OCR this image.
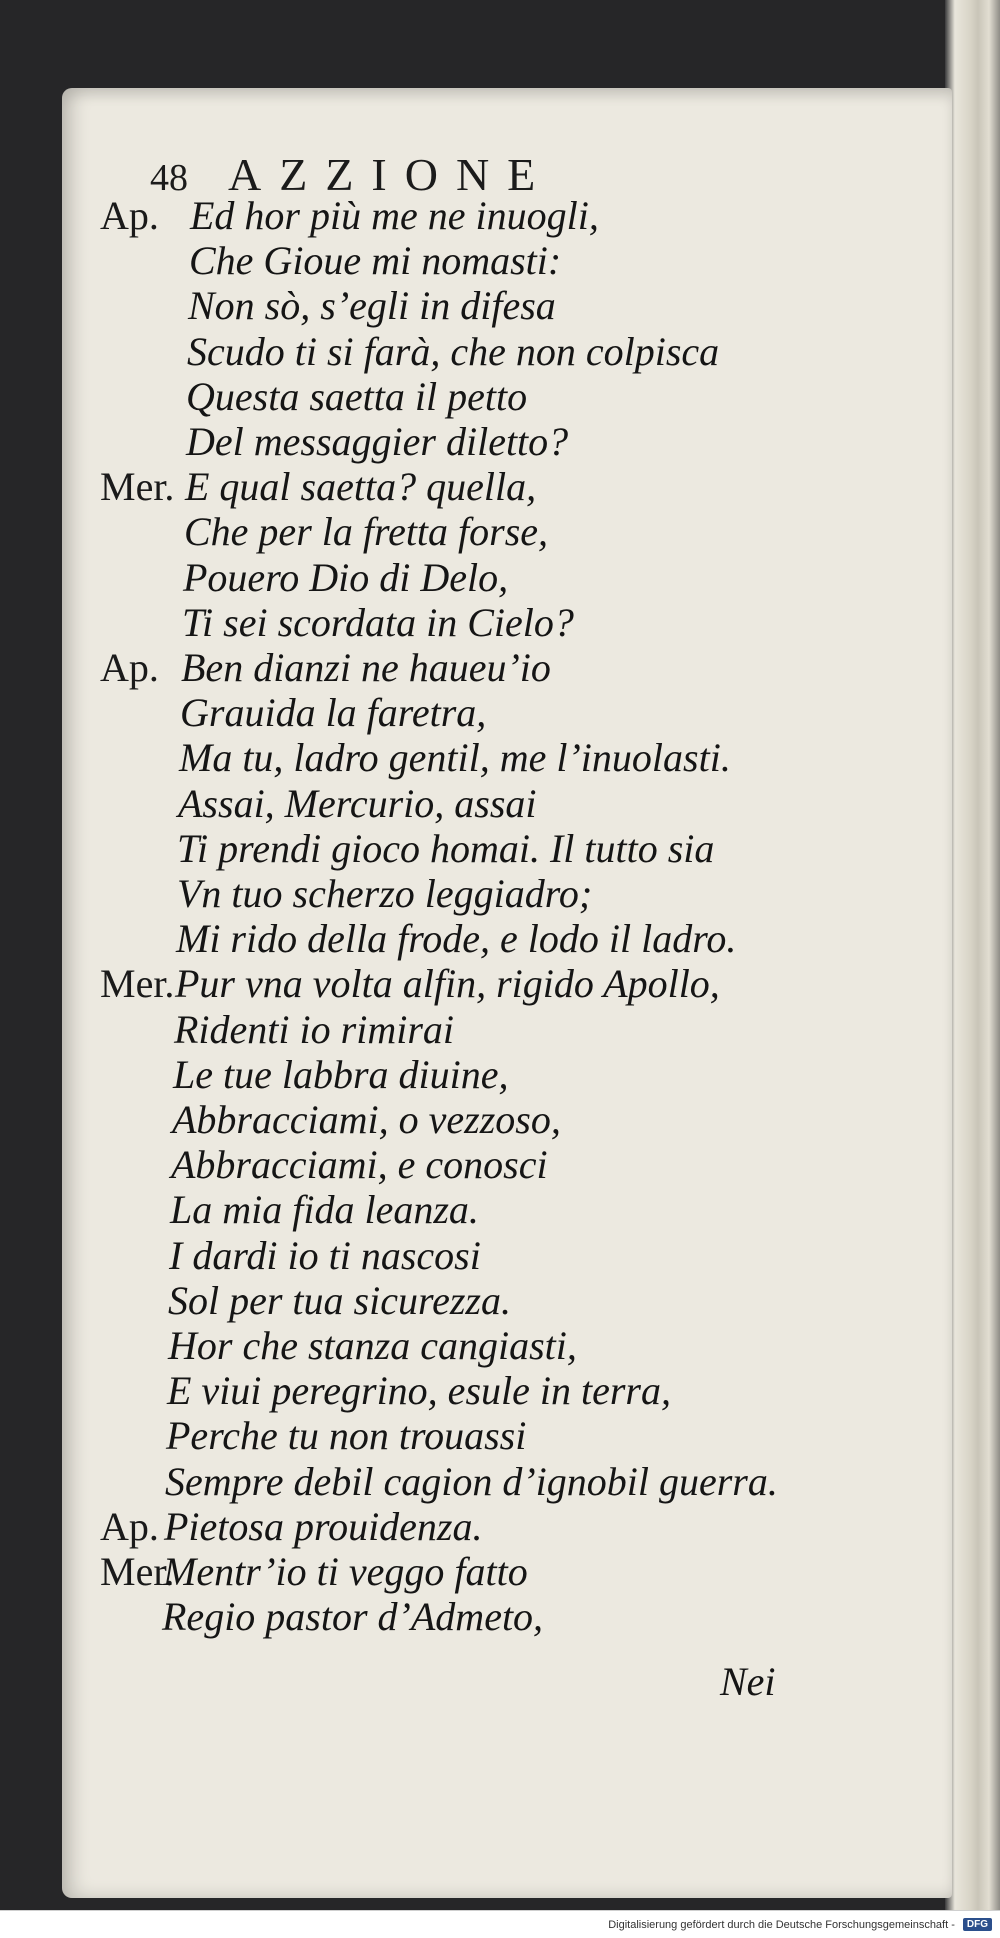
48 AZZIONE
Ap. Ed hor più me ne inuogli,
Che Gioue mi nomasti:
Non sò, s’egli in difesa
Scudo ti si farà, che non colpisca
Questa saetta il petto
Del messaggier diletto?
Mer. E qual saetta? quella,
Che per la fretta forse,
Pouero Dio di Delo,
Ti sei scordata in Cielo?
Ap. Ben dianzi ne haueu’io
Grauida la faretra,
Ma tu, ladro gentil, me l’inuolasti.
Assai, Mercurio, assai
Ti prendi gioco homai. Il tutto sia
Vn tuo scherzo leggiadro;
Mi rido della frode, e lodo il ladro.
Mer. Pur vna volta alfin, rigido Apollo,
Ridenti io rimirai
Le tue labbra diuine,
Abbracciami, o vezzoso,
Abbracciami, e conosci
La mia fida leanza.
I dardi io ti nascosi
Sol per tua sicurezza.
Hor che stanza cangiasti,
E viui peregrino, esule in terra,
Perche tu non trouassi
Sempre debil cagion d’ignobil guerra.
Ap. Pietosa prouidenza.
Mer.
Mentr’io ti veggo fatto
Regio pastor d’Admeto,
Nei
Digitalisierung gefördert durch die Deutsche Forschungsgemeinschaft -	DFG
